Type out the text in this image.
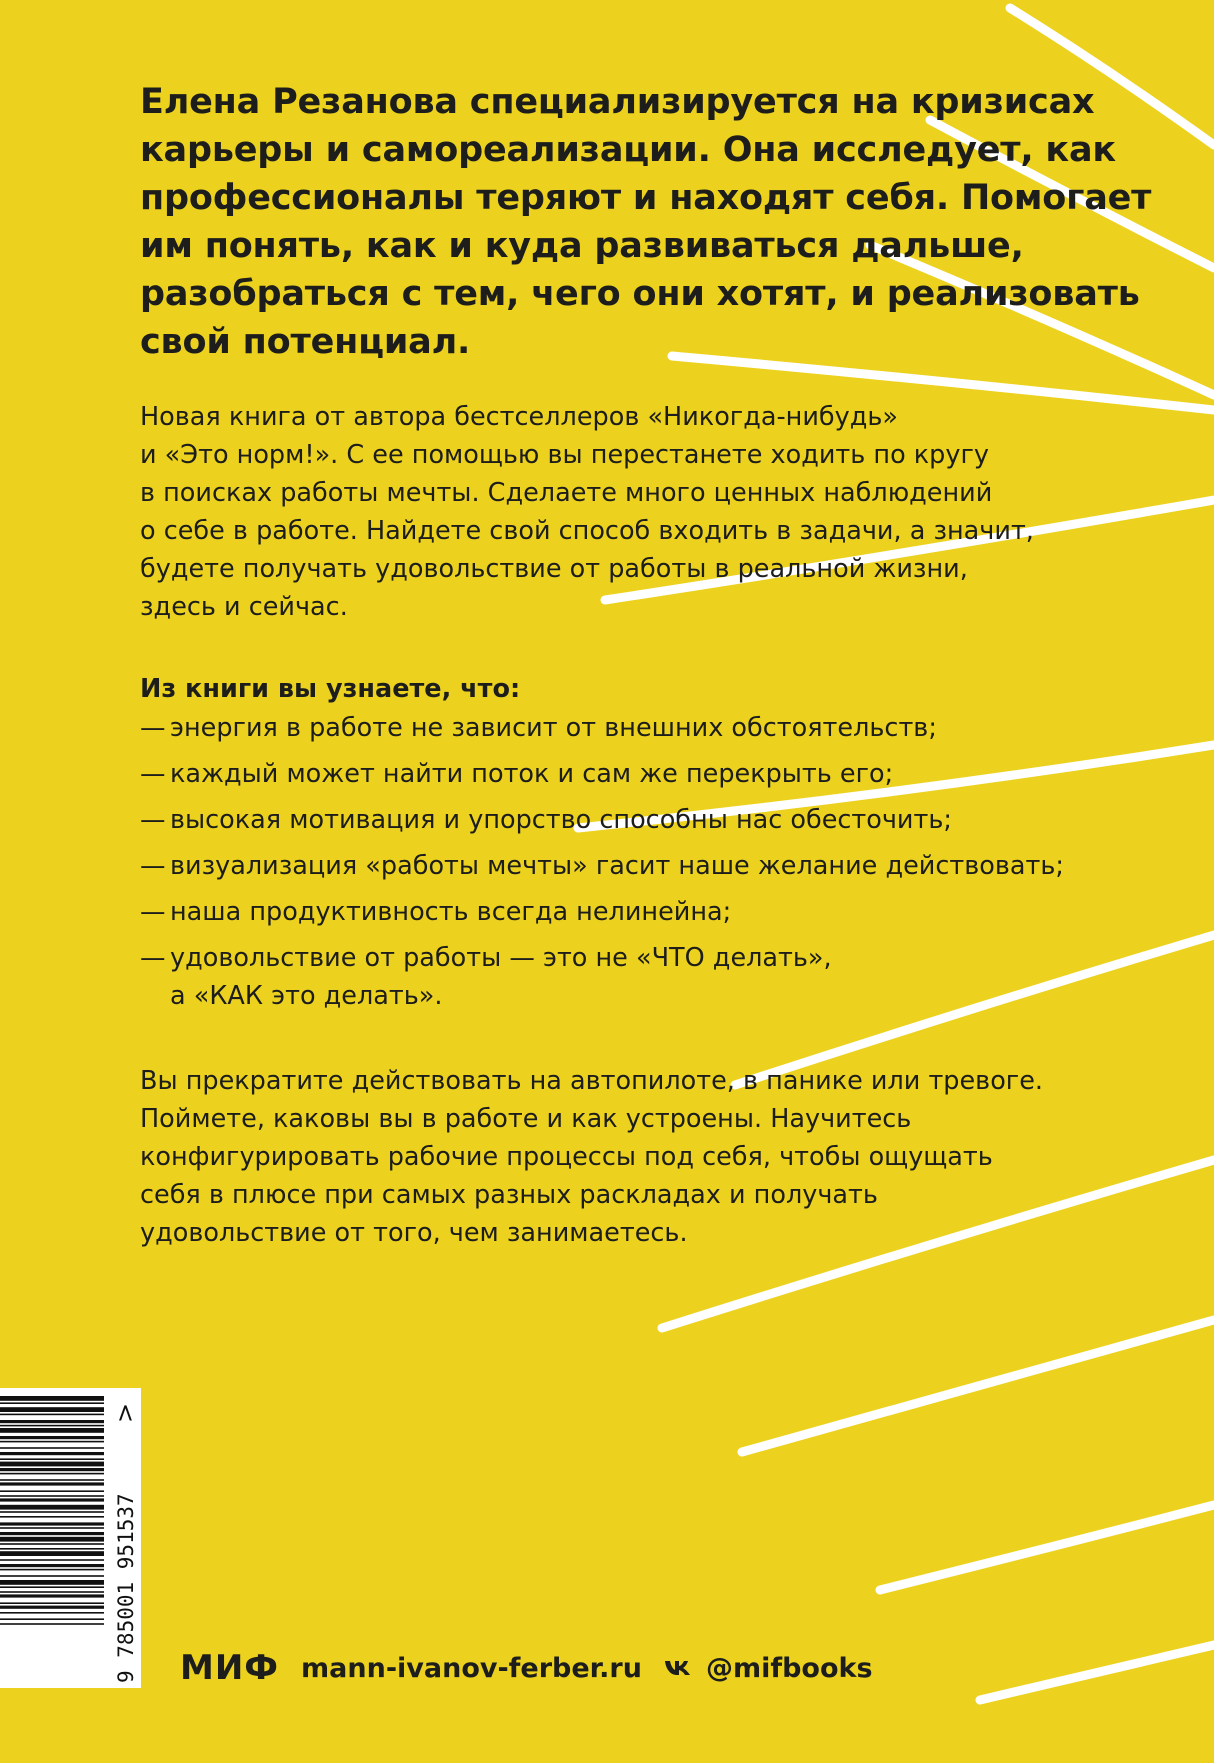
Елена Резанова специализируется на кризисах
карьеры и самореализации. Она исследует, как
профессионалы теряют и находят себя. Помогает
им понять, как и куда развиваться дальше,
разобраться с тем, чего они хотят, и реализовать
свой потенциал.
Новая книга от автора бестселлеров «Никогда-нибудь»
и «Это норм!». С ее помощью вы перестанете ходить по кругу
в поисках работы мечты. Сделаете много ценных наблюдений
о себе в работе. Найдете свой способ входить в задачи, а значит,
будете получать удовольствие от работы в реальной жизни,
здесь и сейчас.
Из книги вы узнаете, что:
— энергия в работе не зависит от внешних обстоятельств;
— каждый может найти поток и сам же перекрыть его;
— высокая мотивация и упорство способны нас обесточить;
— визуализация «работы мечты» гасит наше желание действовать;
— наша продуктивность всегда нелинейна;
— удовольствие от работы — это не «ЧТО делать»,
а «КАК это делать».
Вы прекратите действовать на автопилоте, в панике или тревоге.
Поймете, каковы вы в работе и как устроены. Научитесь
конфигурировать рабочие процессы под себя, чтобы ощущать
себя в плюсе при самых разных раскладах и получать
удовольствие от того, чем занимаетесь.
9 785001 951537
>
МИФ mann-ivanov-ferber.ru @mifbooks
